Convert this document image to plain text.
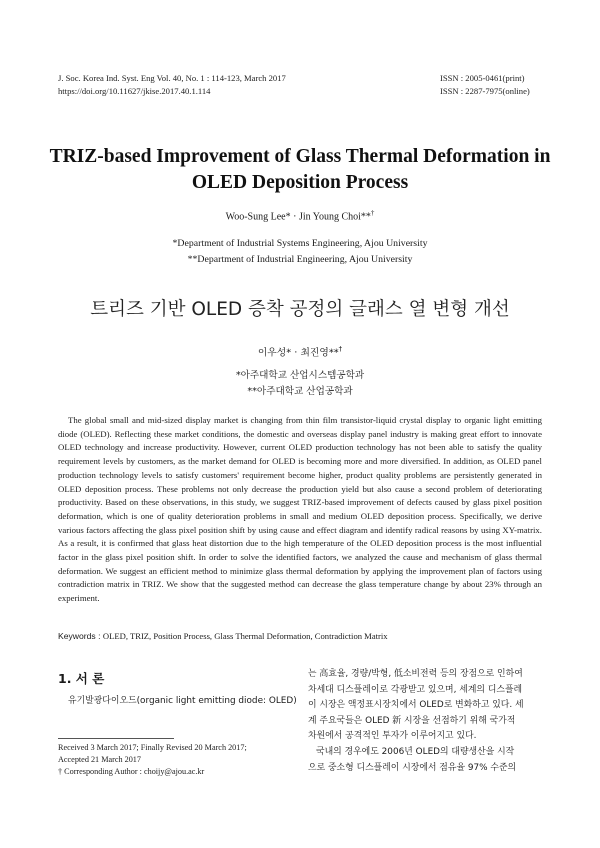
J. Soc. Korea Ind. Syst. Eng Vol. 40, No. 1 : 114-123, March 2017
https://doi.org/10.11627/jkise.2017.40.1.114
ISSN : 2005-0461(print)
ISSN : 2287-7975(online)
TRIZ-based Improvement of Glass Thermal Deformation in
OLED Deposition Process
Woo-Sung Lee* · Jin Young Choi**†
*Department of Industrial Systems Engineering, Ajou University
**Department of Industrial Engineering, Ajou University
트리즈 기반 OLED 증착 공정의 글래스 열 변형 개선
이우성* · 최진영**†
*아주대학교 산업시스템공학과
**아주대학교 산업공학과
The global small and mid-sized display market is changing from thin film transistor-liquid crystal display to organic light emitting diode (OLED). Reflecting these market conditions, the domestic and overseas display panel industry is making great effort to innovate OLED technology and increase productivity. However, current OLED production technology has not been able to satisfy the quality requirement levels by customers, as the market demand for OLED is becoming more and more diversified. In addition, as OLED panel production technology levels to satisfy customers' requirement become higher, product quality problems are persistently generated in OLED deposition process. These problems not only decrease the production yield but also cause a second problem of deteriorating productivity. Based on these observations, in this study, we suggest TRIZ-based improvement of defects caused by glass pixel position deformation, which is one of quality deterioration problems in small and medium OLED deposition process. Specifically, we derive various factors affecting the glass pixel position shift by using cause and effect diagram and identify radical reasons by using XY-matrix. As a result, it is confirmed that glass heat distortion due to the high temperature of the OLED deposition process is the most influential factor in the glass pixel position shift. In order to solve the identified factors, we analyzed the cause and mechanism of glass thermal deformation. We suggest an efficient method to minimize glass thermal deformation by applying the improvement plan of factors using contradiction matrix in TRIZ. We show that the suggested method can decrease the glass temperature change by about 23% through an experiment.
Keywords : OLED, TRIZ, Position Process, Glass Thermal Deformation, Contradiction Matrix
1. 서 론
유기발광다이오드(organic light emitting diode: OLED)
Received 3 March 2017; Finally Revised 20 March 2017;
Accepted 21 March 2017
† Corresponding Author : choijy@ajou.ac.kr
는 高효율, 경량/박형, 低소비전력 등의 장점으로 인하여
차세대 디스플레이로 각광받고 있으며, 세계의 디스플레
이 시장은 액정표시장치에서 OLED로 변화하고 있다. 세
계 주요국들은 OLED 新 시장을 선점하기 위해 국가적
차원에서 공격적인 투자가 이루어지고 있다.
국내의 경우에도 2006년 OLED의 대량생산을 시작
으로 중소형 디스플레이 시장에서 점유율 97% 수준의
